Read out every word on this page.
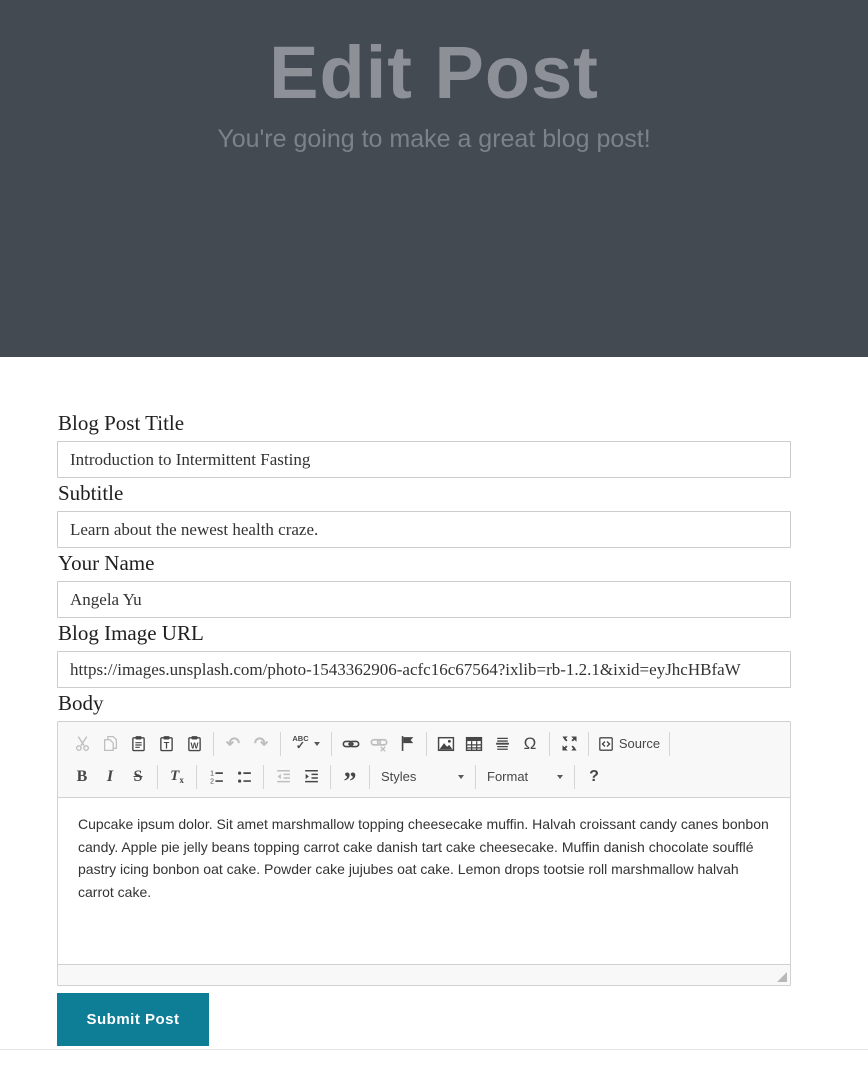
Edit Post

You're going to make a great blog post!

Blog Post Title
Introduction to Intermittent Fasting
Subtitle
Learn about the newest health craze.
Your Name
Angela Yu
Blog Image URL
https://images.unsplash.com/photo-1543362906-acfc16c67564?ixlib=rb-1.2.1&ixid=eyJhcHBfaW
Body
T	W ↶ ↷	ABC
✓	Ω	Source
B I S $T_x$
1
2	” Styles	Format	?

Cupcake ipsum dolor. Sit amet marshmallow topping cheesecake muffin. Halvah croissant candy canes bonbon candy. Apple pie jelly beans topping carrot cake danish tart cake cheesecake. Muffin danish chocolate soufflé pastry icing bonbon oat cake. Powder cake jujubes oat cake. Lemon drops tootsie roll marshmallow halvah carrot cake.

Submit Post
